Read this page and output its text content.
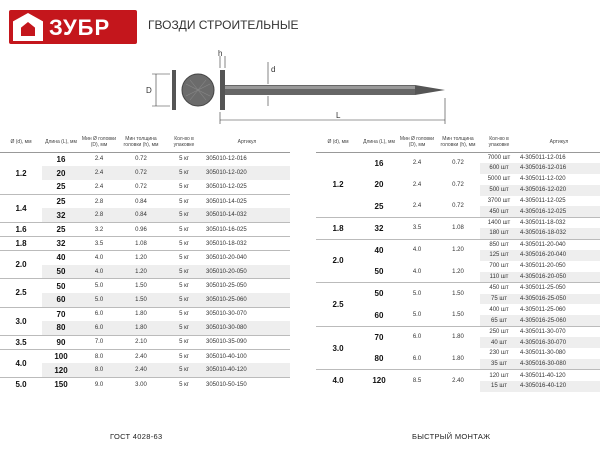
ЗУБР	ГВОЗДИ СТРОИТЕЛЬНЫЕ
D
h
d
L
Ø (d), мм	Длина (L), мм	Мин Ø головки (D), мм	Мин толщина головки (h), мм	Кол-во в упаковке	Артикул
1.2	16	2.4	0.72	5 кг	305010-12-016
	20	2.4	0.72	5 кг	305010-12-020
	25	2.4	0.72	5 кг	305010-12-025
1.4	25	2.8	0.84	5 кг	305010-14-025
	32	2.8	0.84	5 кг	305010-14-032
1.6	25	3.2	0.96	5 кг	305010-16-025
1.8	32	3.5	1.08	5 кг	305010-18-032
2.0	40	4.0	1.20	5 кг	305010-20-040
	50	4.0	1.20	5 кг	305010-20-050
2.5	50	5.0	1.50	5 кг	305010-25-050
	60	5.0	1.50	5 кг	305010-25-060
3.0	70	6.0	1.80	5 кг	305010-30-070
	80	6.0	1.80	5 кг	305010-30-080
3.5	90	7.0	2.10	5 кг	305010-35-090
4.0	100	8.0	2.40	5 кг	305010-40-100
	120	8.0	2.40	5 кг	305010-40-120
5.0	150	9.0	3.00	5 кг	305010-50-150
Ø (d), мм	Длина (L), мм	Мин Ø головки (D), мм	Мин толщина головки (h), мм	Кол-во в упаковке	Артикул
1.2	16	2.4	0.72	7000 шт	4-305011-12-016
				600 шт	4-305016-12-016
	20	2.4	0.72	5000 шт	4-305011-12-020
				500 шт	4-305016-12-020
	25	2.4	0.72	3700 шт	4-305011-12-025
				450 шт	4-305016-12-025
1.8	32	3.5	1.08	1400 шт	4-305011-18-032
				180 шт	4-305016-18-032
2.0	40	4.0	1.20	850 шт	4-305011-20-040
				125 шт	4-305016-20-040
	50	4.0	1.20	700 шт	4-305011-20-050
				110 шт	4-305016-20-050
2.5	50	5.0	1.50	450 шт	4-305011-25-050
				75 шт	4-305016-25-050
	60	5.0	1.50	400 шт	4-305011-25-060
				65 шт	4-305016-25-060
3.0	70	6.0	1.80	250 шт	4-305011-30-070
				40 шт	4-305016-30-070
	80	6.0	1.80	230 шт	4-305011-30-080
				35 шт	4-305016-30-080
4.0	120	8.5	2.40	120 шт	4-305011-40-120
				15 шт	4-305016-40-120
ГОСТ 4028-63	БЫСТРЫЙ МОНТАЖ
